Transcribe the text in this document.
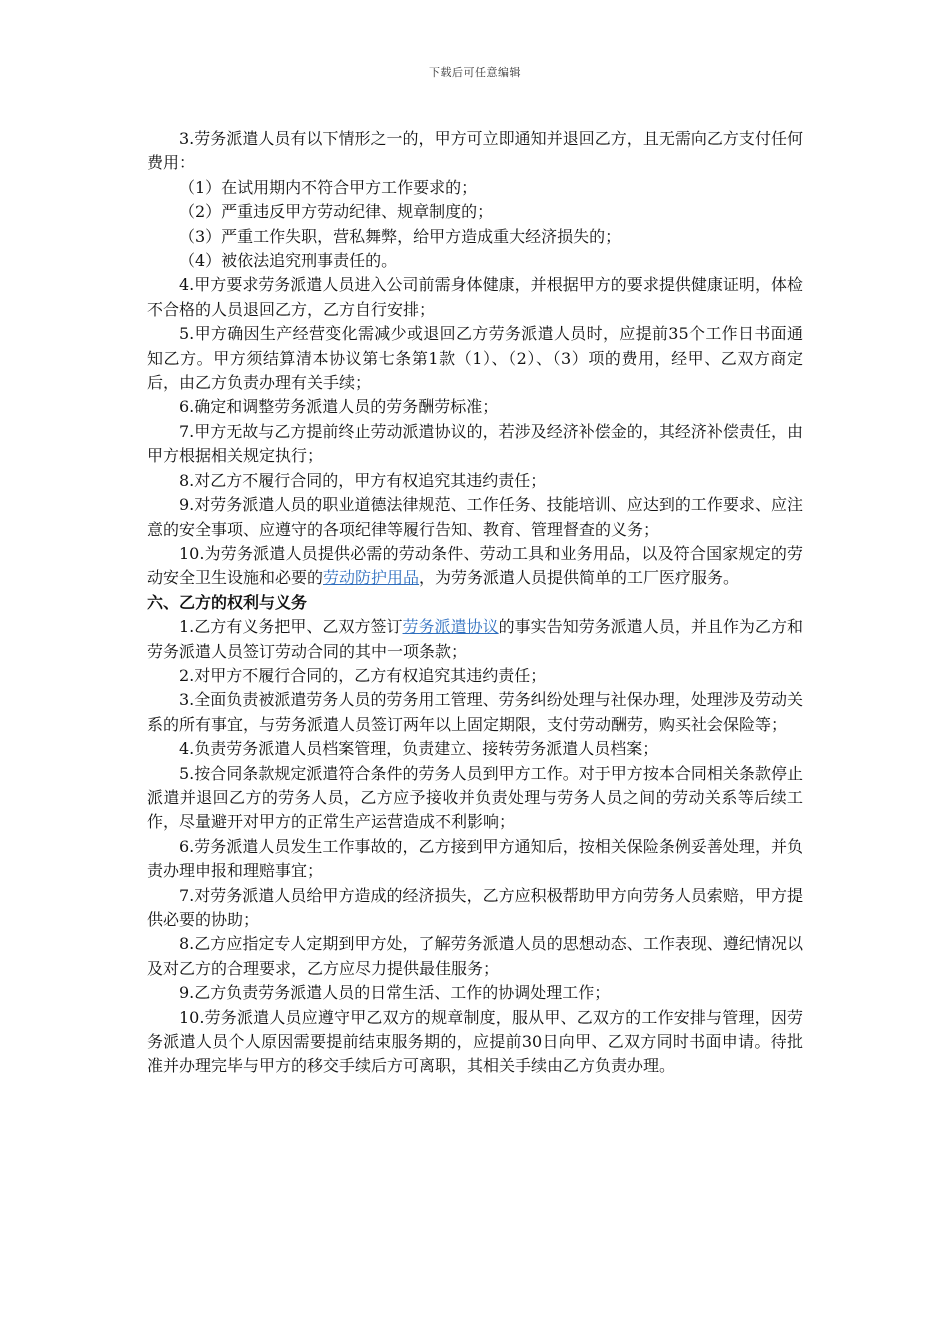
下载后可任意编辑

3.劳务派遣人员有以下情形之一的，甲方可立即通知并退回乙方，且无需向乙方支付任何费用：

（1）在试用期内不符合甲方工作要求的；

（2）严重违反甲方劳动纪律、规章制度的；

（3）严重工作失职，营私舞弊，给甲方造成重大经济损失的；

（4）被依法追究刑事责任的。

4.甲方要求劳务派遣人员进入公司前需身体健康，并根据甲方的要求提供健康证明，体检不合格的人员退回乙方，乙方自行安排；

5.甲方确因生产经营变化需减少或退回乙方劳务派遣人员时，应提前35个工作日书面通知乙方。甲方须结算清本协议第七条第1款（1）、（2）、（3）项的费用，经甲、乙双方商定后，由乙方负责办理有关手续；

6.确定和调整劳务派遣人员的劳务酬劳标准；

7.甲方无故与乙方提前终止劳动派遣协议的，若涉及经济补偿金的，其经济补偿责任，由甲方根据相关规定执行；

8.对乙方不履行合同的，甲方有权追究其违约责任；

9.对劳务派遣人员的职业道德法律规范、工作任务、技能培训、应达到的工作要求、应注意的安全事项、应遵守的各项纪律等履行告知、教育、管理督查的义务；

10.为劳务派遣人员提供必需的劳动条件、劳动工具和业务用品，以及符合国家规定的劳动安全卫生设施和必要的劳动防护用品，为劳务派遣人员提供简单的工厂医疗服务。

六、乙方的权利与义务

1.乙方有义务把甲、乙双方签订劳务派遣协议的事实告知劳务派遣人员，并且作为乙方和劳务派遣人员签订劳动合同的其中一项条款；

2.对甲方不履行合同的，乙方有权追究其违约责任；

3.全面负责被派遣劳务人员的劳务用工管理、劳务纠纷处理与社保办理，处理涉及劳动关系的所有事宜，与劳务派遣人员签订两年以上固定期限，支付劳动酬劳，购买社会保险等；

4.负责劳务派遣人员档案管理，负责建立、接转劳务派遣人员档案；

5.按合同条款规定派遣符合条件的劳务人员到甲方工作。对于甲方按本合同相关条款停止派遣并退回乙方的劳务人员，乙方应予接收并负责处理与劳务人员之间的劳动关系等后续工作，尽量避开对甲方的正常生产运营造成不利影响；

6.劳务派遣人员发生工作事故的，乙方接到甲方通知后，按相关保险条例妥善处理，并负责办理申报和理赔事宜；

7.对劳务派遣人员给甲方造成的经济损失，乙方应积极帮助甲方向劳务人员索赔，甲方提供必要的协助；

8.乙方应指定专人定期到甲方处，了解劳务派遣人员的思想动态、工作表现、遵纪情况以及对乙方的合理要求，乙方应尽力提供最佳服务；

9.乙方负责劳务派遣人员的日常生活、工作的协调处理工作；

10.劳务派遣人员应遵守甲乙双方的规章制度，服从甲、乙双方的工作安排与管理，因劳务派遣人员个人原因需要提前结束服务期的，应提前30日向甲、乙双方同时书面申请。待批准并办理完毕与甲方的移交手续后方可离职，其相关手续由乙方负责办理。
